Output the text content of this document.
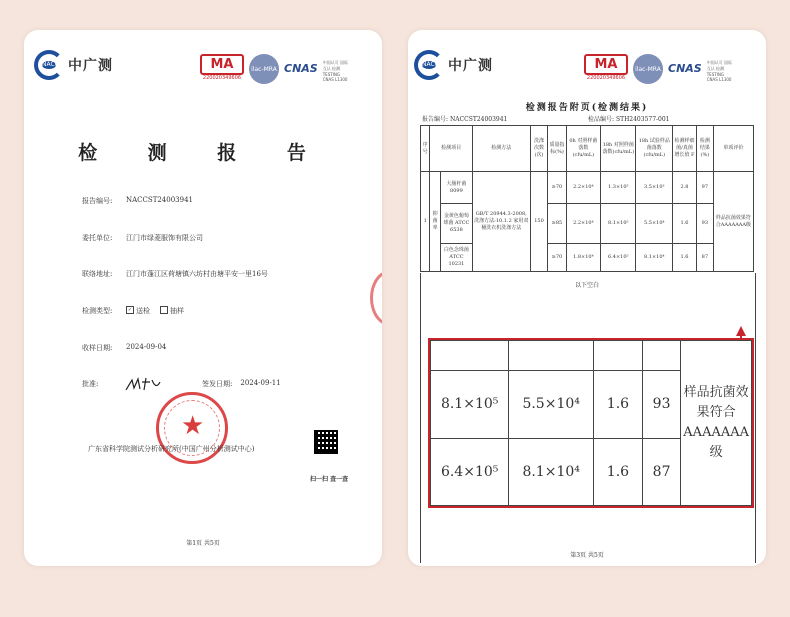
NACC 中广测	MA
220020349606
ilac-MRA CNAS 中国认可 国际互认 检测 TESTING CNAS L1300
检 测 报 告
报告编号:	NACCST24003941
委托单位:	江门市绿菱服饰有限公司
联络地址:	江门市蓬江区荷塘镇六坊村由塘平安一里16号
检测类型:	✓ 送检	抽样
收样日期:	2024-09-04
批准:	签发日期: 2024-09-11
★
广东省科学院测试分析研究所(中国广州分析测试中心)
扫一扫 查一查
第1页 共5页
NACC 中广测	MA
220020349606
ilac-MRA CNAS 中国认可 国际互认 检测 TESTING CNAS L1300
检测报告附页(检测结果)
报告编号: NACCST24003941	检品编号: STH2403577-001
序号	检测项目		检测方法	洗涤次数(次)	质量指标(%)	0h 对照样菌落数(cfu/mL)	18h 对照样菌落数(cfu/mL)	18h 试验样品菌落数(cfu/mL)	检测样细菌/真菌增长值 F	检测结果(%)	单项评价
1	抑菌率	大肠杆菌 8099	GB/T 20944.3-2008,洗涤方法:10.1.2 家用双桶洗衣机洗涤方法	150	≥70	2.2×10⁴	1.3×10⁵	3.5×10³	2.8	97	样品抗菌效果符合AAAAAAA级
		金黄色葡萄球菌 ATCC 6538			≥85	2.2×10⁴	8.1×10⁵	5.5×10⁴	1.6	93	
		白色念珠菌 ATCC 10231			≥70	1.8×10⁴	6.4×10⁵	8.1×10⁴	1.6	87	
以下空白
				样品抗菌效果符合AAAAAAA级
8.1×10⁵	5.5×10⁴	1.6	93	
6.4×10⁵	8.1×10⁴	1.6	87	
第3页 共5页
